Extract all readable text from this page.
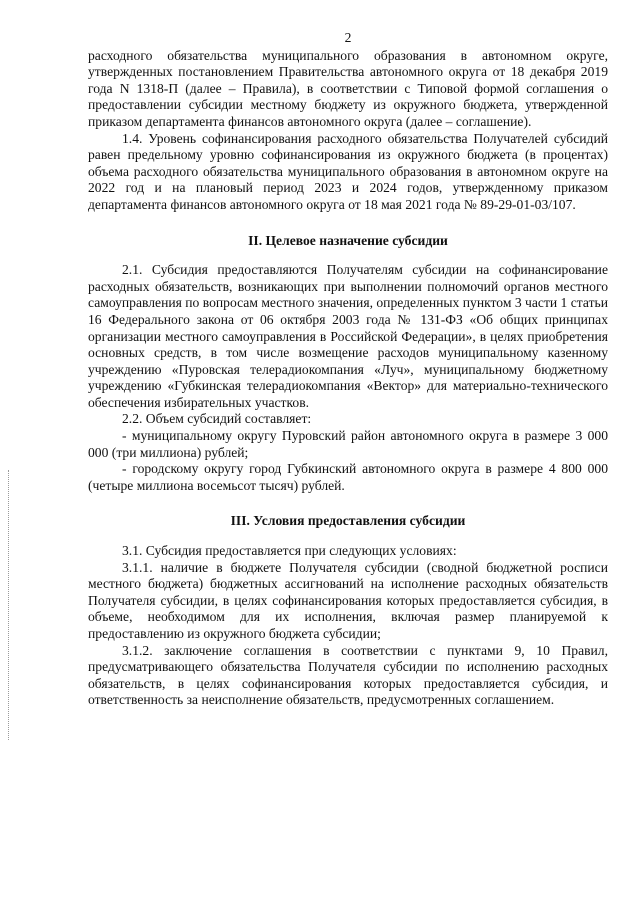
2

расходного обязательства муниципального образования в автономном округе, утвержденных постановлением Правительства автономного округа от 18 декабря 2019 года N 1318-П (далее – Правила), в соответствии с Типовой формой соглашения о предоставлении субсидии местному бюджету из окружного бюджета, утвержденной приказом департамента финансов автономного округа (далее – соглашение).

1.4. Уровень софинансирования расходного обязательства Получателей субсидий равен предельному уровню софинансирования из окружного бюджета (в процентах) объема расходного обязательства муниципального образования в автономном округе на 2022 год и на плановый период 2023 и 2024 годов, утвержденному приказом департамента финансов автономного округа от 18 мая 2021 года № 89-29-01-03/107.

II. Целевое назначение субсидии

2.1. Субсидия предоставляются Получателям субсидии на софинансирование расходных обязательств, возникающих при выполнении полномочий органов местного самоуправления по вопросам местного значения, определенных пунктом 3 части 1 статьи 16 Федерального закона от 06 октября 2003 года № 131-ФЗ «Об общих принципах организации местного самоуправления в Российской Федерации», в целях приобретения основных средств, в том числе возмещение расходов муниципальному казенному учреждению «Пуровская телерадиокомпания «Луч», муниципальному бюджетному учреждению «Губкинская телерадиокомпания «Вектор» для материально-технического обеспечения избирательных участков.

2.2. Объем субсидий составляет:

- муниципальному округу Пуровский район автономного округа в размере 3 000 000 (три миллиона) рублей;

- городскому округу город Губкинский автономного округа в размере 4 800 000 (четыре миллиона восемьсот тысяч) рублей.

III. Условия предоставления субсидии

3.1. Субсидия предоставляется при следующих условиях:

3.1.1. наличие в бюджете Получателя субсидии (сводной бюджетной росписи местного бюджета) бюджетных ассигнований на исполнение расходных обязательств Получателя субсидии, в целях софинансирования которых предоставляется субсидия, в объеме, необходимом для их исполнения, включая размер планируемой к предоставлению из окружного бюджета субсидии;

3.1.2. заключение соглашения в соответствии с пунктами 9, 10 Правил, предусматривающего обязательства Получателя субсидии по исполнению расходных обязательств, в целях софинансирования которых предоставляется субсидия, и ответственность за неисполнение обязательств, предусмотренных соглашением.
